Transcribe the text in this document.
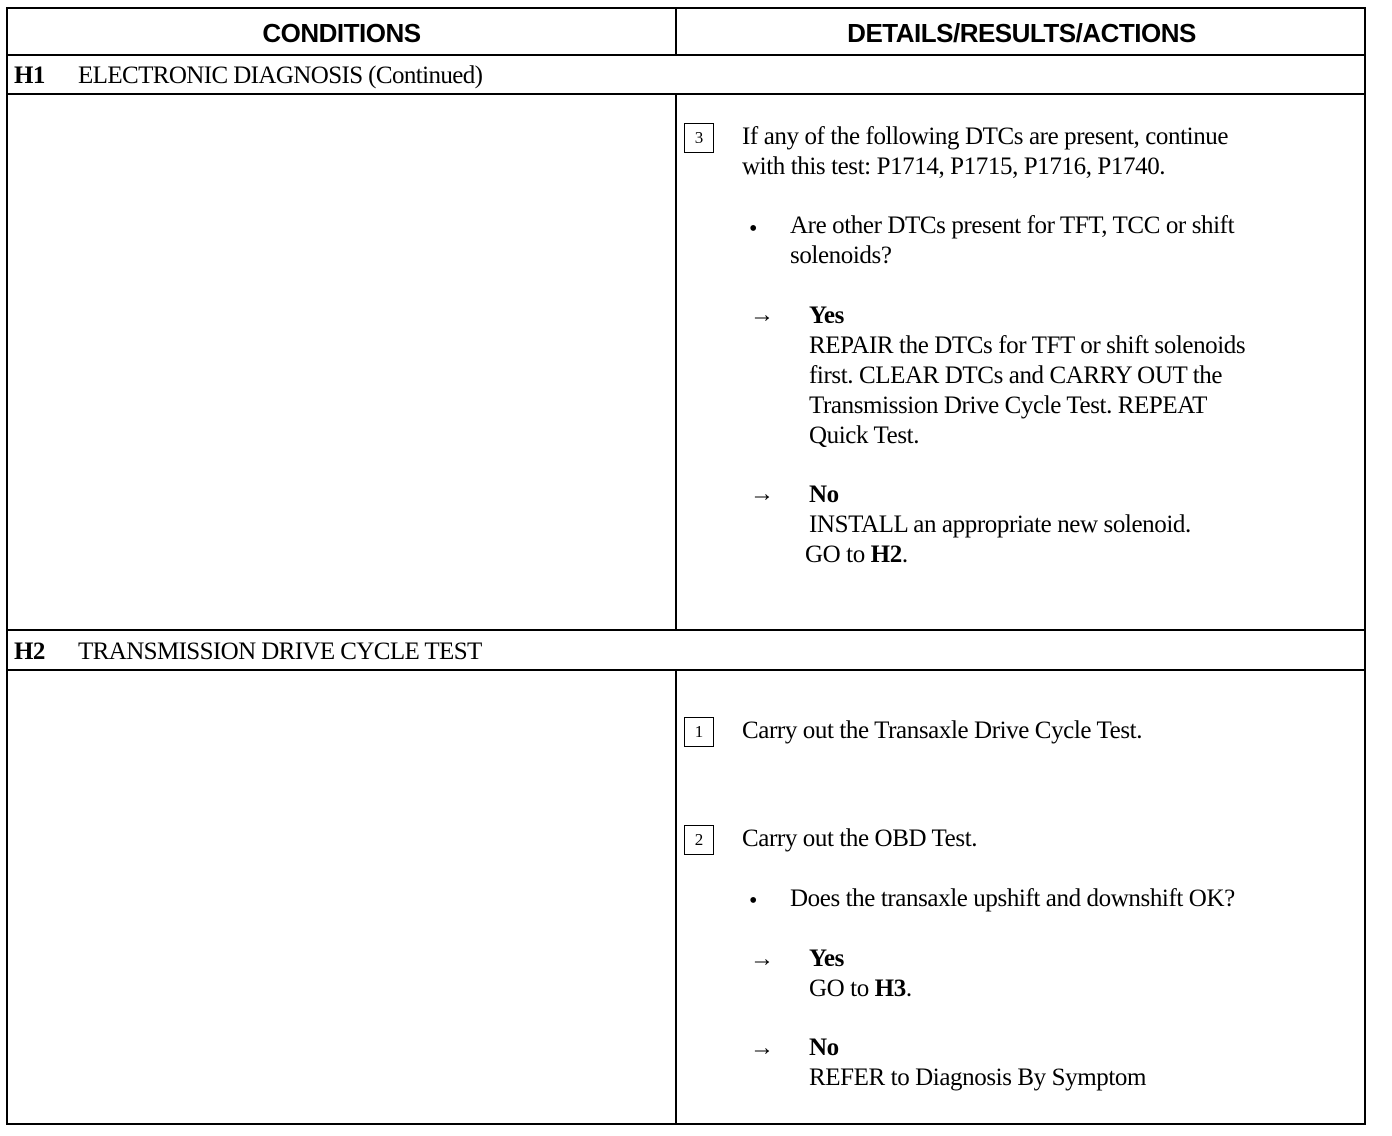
CONDITIONS	DETAILS/RESULTS/ACTIONS
H1 ELECTRONIC DIAGNOSIS (Continued)
3	If any of the following DTCs are present, continue
with this test: P1714, P1715, P1716, P1740.
• Are other DTCs present for TFT, TCC or shift
solenoids?
→ Yes
REPAIR the DTCs for TFT or shift solenoids
first. CLEAR DTCs and CARRY OUT the
Transmission Drive Cycle Test. REPEAT
Quick Test.
→ No
INSTALL an appropriate new solenoid.
GO to H2.
H2 TRANSMISSION DRIVE CYCLE TEST
1	Carry out the Transaxle Drive Cycle Test.
2	Carry out the OBD Test.
• Does the transaxle upshift and downshift OK?
→ Yes
GO to H3.
→ No
REFER to Diagnosis By Symptom
